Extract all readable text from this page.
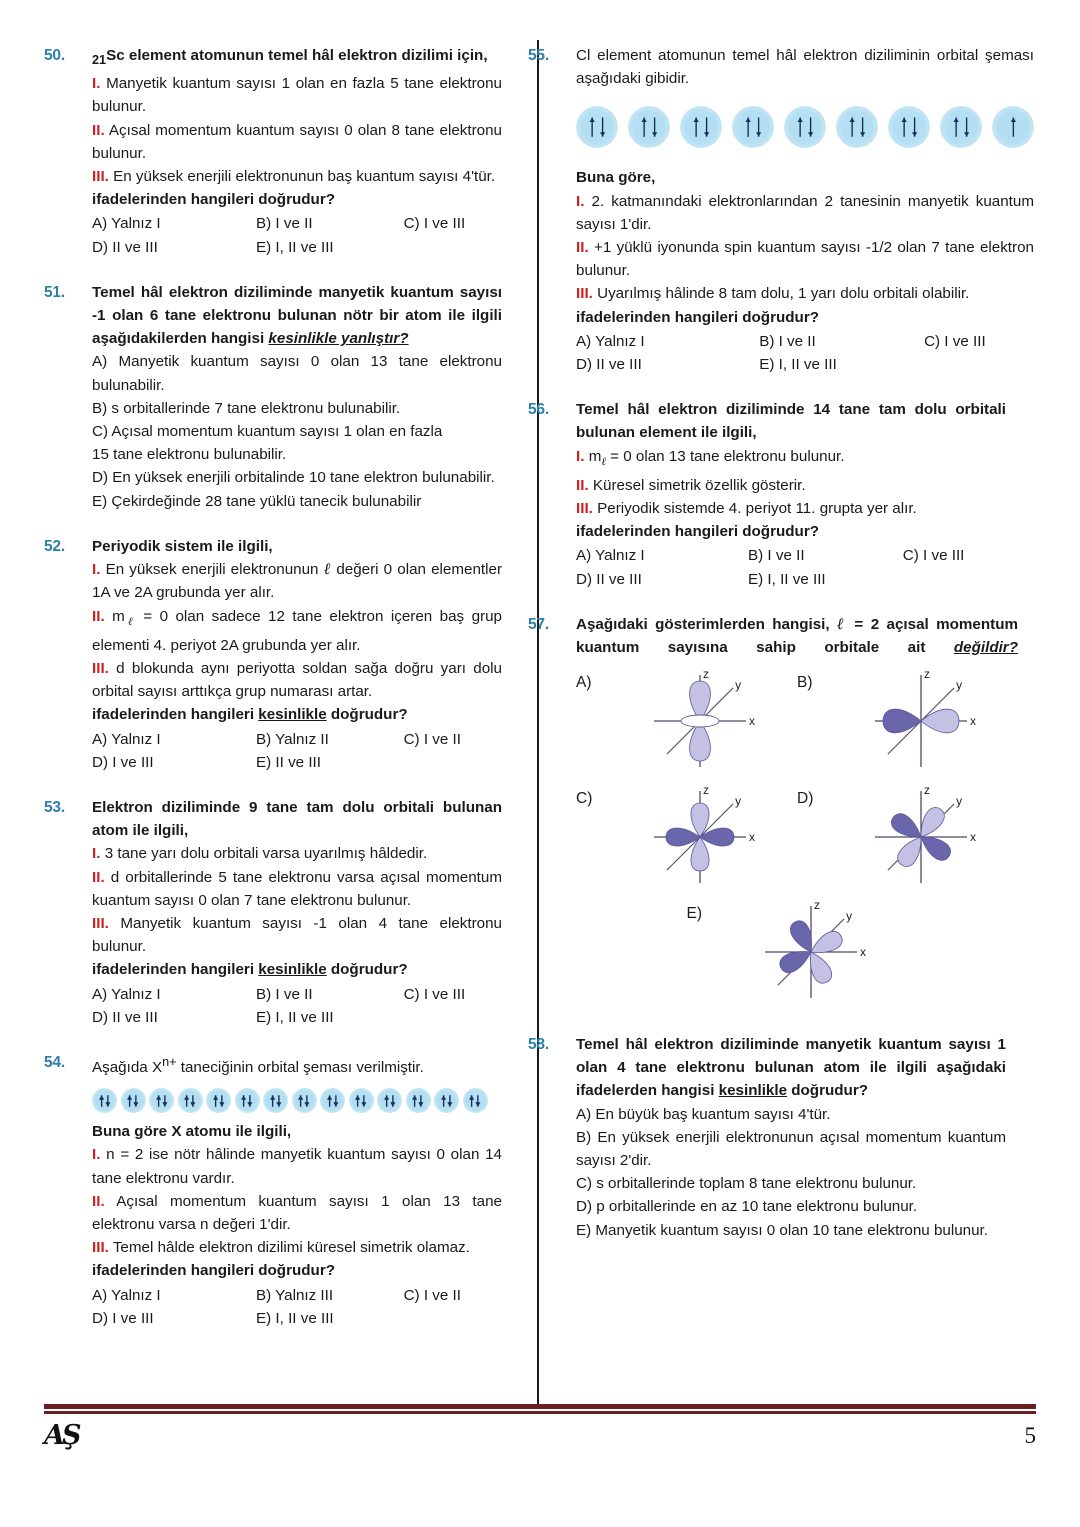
50.	$_{21}$Sc element atomunun temel hâl elektron dizilimi için,
I. Manyetik kuantum sayısı 1 olan en fazla 5 tane elektronu bulunur.
II. Açısal momentum kuantum sayısı 0 olan 8 tane elektronu bulunur.
III. En yüksek enerjili elektronunun baş kuantum sayısı 4'tür.
ifadelerinden hangileri doğrudur?
A) Yalnız I	B) I ve II	C) I ve III
D) II ve III	E) I, II ve III
51.	Temel hâl elektron diziliminde manyetik kuantum sayısı -1 olan 6 tane elektronu bulunan nötr bir atom ile ilgili aşağıdakilerden hangisi kesinlikle yanlıştır?
A) Manyetik kuantum sayısı 0 olan 13 tane elektronu bulunabilir.
B) s orbitallerinde 7 tane elektronu bulunabilir.
C) Açısal momentum kuantum sayısı 1 olan en fazla
15 tane elektronu bulunabilir.
D) En yüksek enerjili orbitalinde 10 tane elektron bulunabilir.
E) Çekirdeğinde 28 tane yüklü tanecik bulunabilir
52.	Periyodik sistem ile ilgili,
I. En yüksek enerjili elektronunun ℓ değeri 0 olan elementler 1A ve 2A grubunda yer alır.
II. $m_\ell = 0$ olan sadece 12 tane elektron içeren baş grup elementi 4. periyot 2A grubunda yer alır.
III. d blokunda aynı periyotta soldan sağa doğru yarı dolu orbital sayısı arttıkça grup numarası artar.
ifadelerinden hangileri kesinlikle doğrudur?
A) Yalnız I	B) Yalnız II	C) I ve II
D) I ve III	E) II ve III
53.	Elektron diziliminde 9 tane tam dolu orbitali bulunan atom ile ilgili,
I. 3 tane yarı dolu orbitali varsa uyarılmış hâldedir.
II. d orbitallerinde 5 tane elektronu varsa açısal momentum kuantum sayısı 0 olan 7 tane elektronu bulunur.
III. Manyetik kuantum sayısı -1 olan 4 tane elektronu bulunur.
ifadelerinden hangileri kesinlikle doğrudur?
A) Yalnız I	B) I ve II	C) I ve III
D) II ve III	E) I, II ve III
54.	Aşağıda $X^{n+}$ taneciğinin orbital şeması verilmiştir.
Buna göre X atomu ile ilgili,
I. n = 2 ise nötr hâlinde manyetik kuantum sayısı 0 olan 14 tane elektronu vardır.
II. Açısal momentum kuantum sayısı 1 olan 13 tane elektronu varsa n değeri 1'dir.
III. Temel hâlde elektron dizilimi küresel simetrik olamaz.
ifadelerinden hangileri doğrudur?
A) Yalnız I	B) Yalnız III	C) I ve II
D) I ve III	E) I, II ve III
55.	Cl element atomunun temel hâl elektron diziliminin orbital şeması aşağıdaki gibidir.
Buna göre,
I. 2. katmanındaki elektronlarından 2 tanesinin manyetik kuantum sayısı 1'dir.
II. +1 yüklü iyonunda spin kuantum sayısı -1/2 olan 7 tane elektron bulunur.
III. Uyarılmış hâlinde 8 tam dolu, 1 yarı dolu orbitali olabilir.
ifadelerinden hangileri doğrudur?
A) Yalnız I	B) I ve II	C) I ve III
D) II ve III	E) I, II ve III
56.	Temel hâl elektron diziliminde 14 tane tam dolu orbitali bulunan element ile ilgili,
I. $m_\ell = 0$ olan 13 tane elektronu bulunur.
II. Küresel simetrik özellik gösterir.
III. Periyodik sistemde 4. periyot 11. grupta yer alır.
ifadelerinden hangileri doğrudur?
A) Yalnız I	B) I ve II	C) I ve III
D) II ve III	E) I, II ve III
57.	Aşağıdaki gösterimlerden hangisi, ℓ = 2 açısal momentum kuantum sayısına sahip orbitale ait değildir?
A)	z
y
x
B)	z
y
x
C)	z
y
x
D)	z
y
x
E)	z
y
x
58.	Temel hâl elektron diziliminde manyetik kuantum sayısı 1 olan 4 tane elektronu bulunan atom ile ilgili aşağıdaki ifadelerden hangisi kesinlikle doğrudur?
A) En büyük baş kuantum sayısı 4'tür.
B) En yüksek enerjili elektronunun açısal momentum kuantum sayısı 2'dir.
C) s orbitallerinde toplam 8 tane elektronu bulunur.
D) p orbitallerinde en az 10 tane elektronu bulunur.
E) Manyetik kuantum sayısı 0 olan 10 tane elektronu bulunur.
AŞ	5
